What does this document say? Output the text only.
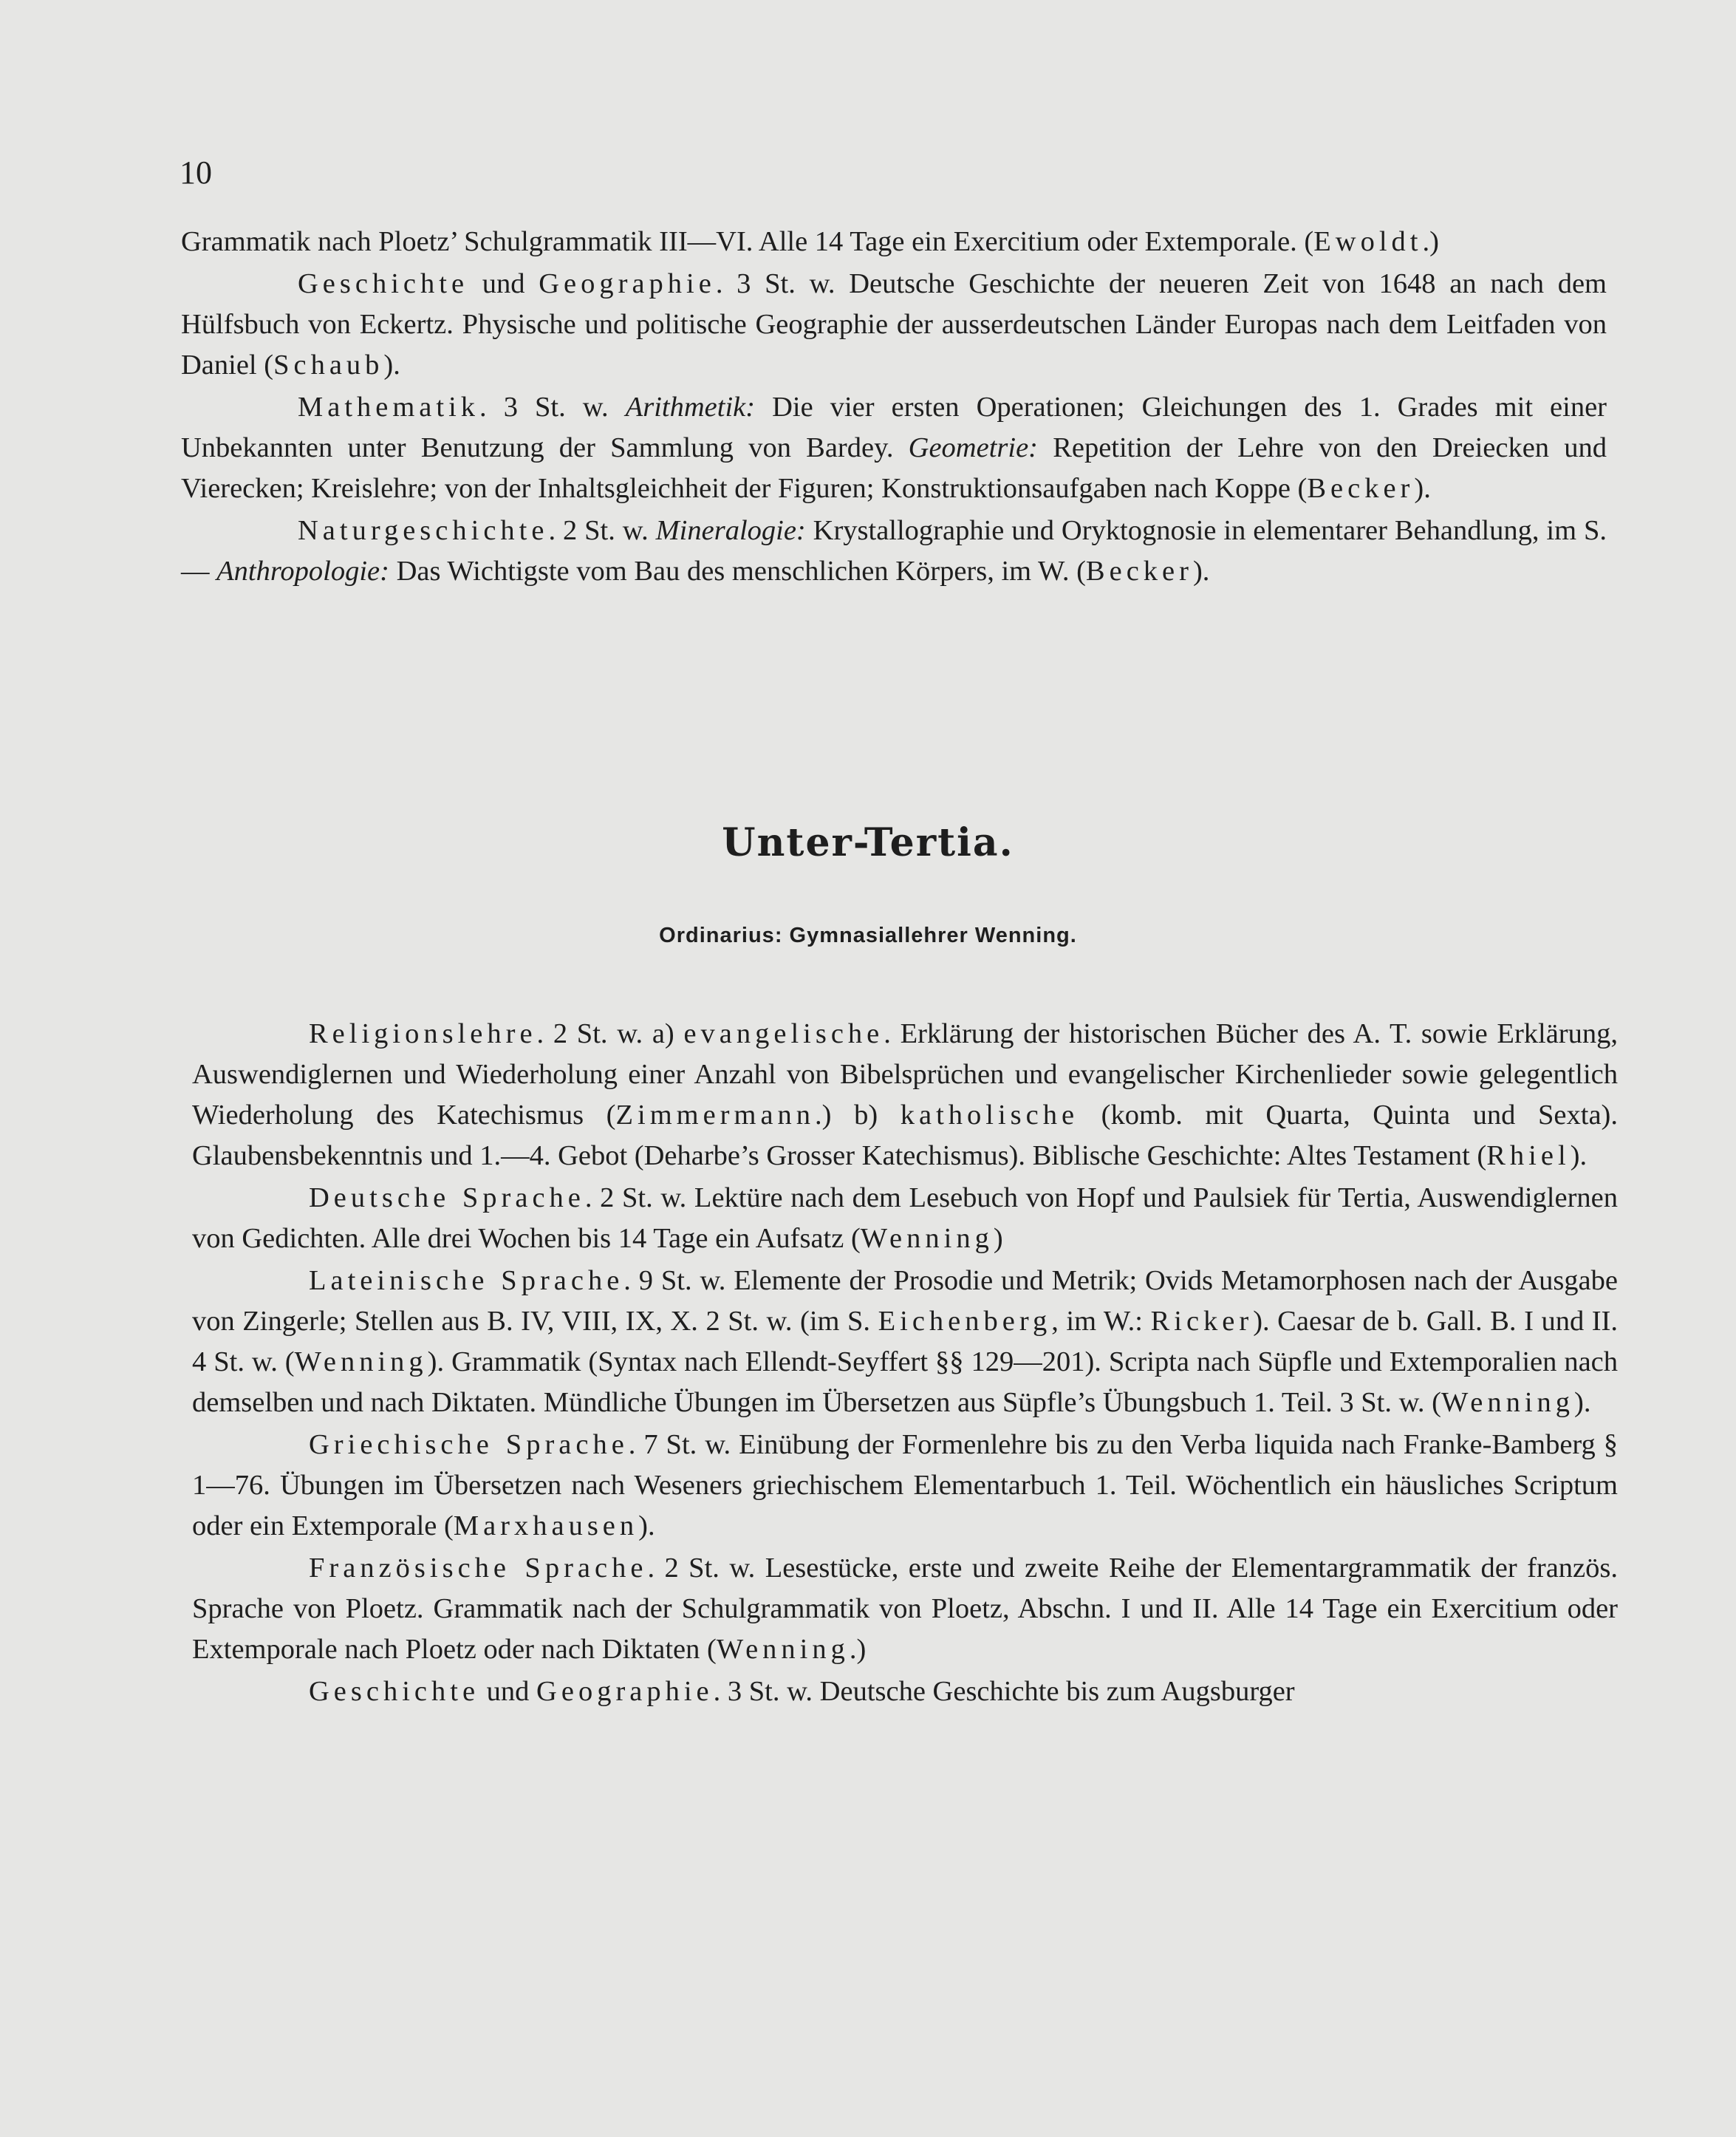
10

Grammatik nach Ploetz’ Schulgrammatik III—VI. Alle 14 Tage ein Exercitium oder Extemporale. (Ewoldt.)

Geschichte und Geographie. 3 St. w. Deutsche Geschichte der neueren Zeit von 1648 an nach dem Hülfsbuch von Eckertz. Physische und politische Geographie der ausserdeutschen Länder Europas nach dem Leitfaden von Daniel (Schaub).

Mathematik. 3 St. w. Arithmetik: Die vier ersten Operationen; Gleichungen des 1. Grades mit einer Unbekannten unter Benutzung der Sammlung von Bardey. Geometrie: Repetition der Lehre von den Dreiecken und Vierecken; Kreislehre; von der Inhaltsgleichheit der Figuren; Konstruktionsaufgaben nach Koppe (Becker).

Naturgeschichte. 2 St. w. Mineralogie: Krystallographie und Oryktognosie in elementarer Behandlung, im S. — Anthropologie: Das Wichtigste vom Bau des menschlichen Körpers, im W. (Becker).

Unter-Tertia.
Ordinarius: Gymnasiallehrer Wenning.

Religionslehre. 2 St. w. a) evangelische. Erklärung der historischen Bücher des A. T. sowie Erklärung, Auswendiglernen und Wiederholung einer Anzahl von Bibelsprüchen und evangelischer Kirchenlieder sowie gelegentlich Wiederholung des Katechismus (Zimmermann.) b) katholische (komb. mit Quarta, Quinta und Sexta). Glaubensbekenntnis und 1.—4. Gebot (Deharbe’s Grosser Katechismus). Biblische Geschichte: Altes Testament (Rhiel).

Deutsche Sprache. 2 St. w. Lektüre nach dem Lesebuch von Hopf und Paulsiek für Tertia, Auswendiglernen von Gedichten. Alle drei Wochen bis 14 Tage ein Aufsatz (Wenning)

Lateinische Sprache. 9 St. w. Elemente der Prosodie und Metrik; Ovids Metamorphosen nach der Ausgabe von Zingerle; Stellen aus B. IV, VIII, IX, X. 2 St. w. (im S. Eichenberg, im W.: Ricker). Caesar de b. Gall. B. I und II. 4 St. w. (Wenning). Grammatik (Syntax nach Ellendt-Seyffert §§ 129—201). Scripta nach Süpfle und Extemporalien nach demselben und nach Diktaten. Mündliche Übungen im Übersetzen aus Süpfle’s Übungsbuch 1. Teil. 3 St. w. (Wenning).

Griechische Sprache. 7 St. w. Einübung der Formenlehre bis zu den Verba liquida nach Franke-Bamberg § 1—76. Übungen im Übersetzen nach Weseners griechischem Elementarbuch 1. Teil. Wöchentlich ein häusliches Scriptum oder ein Extemporale (Marxhausen).

Französische Sprache. 2 St. w. Lesestücke, erste und zweite Reihe der Elementargrammatik der französ. Sprache von Ploetz. Grammatik nach der Schulgrammatik von Ploetz, Abschn. I und II. Alle 14 Tage ein Exercitium oder Extemporale nach Ploetz oder nach Diktaten (Wenning.)

Geschichte und Geographie. 3 St. w. Deutsche Geschichte bis zum Augsburger
